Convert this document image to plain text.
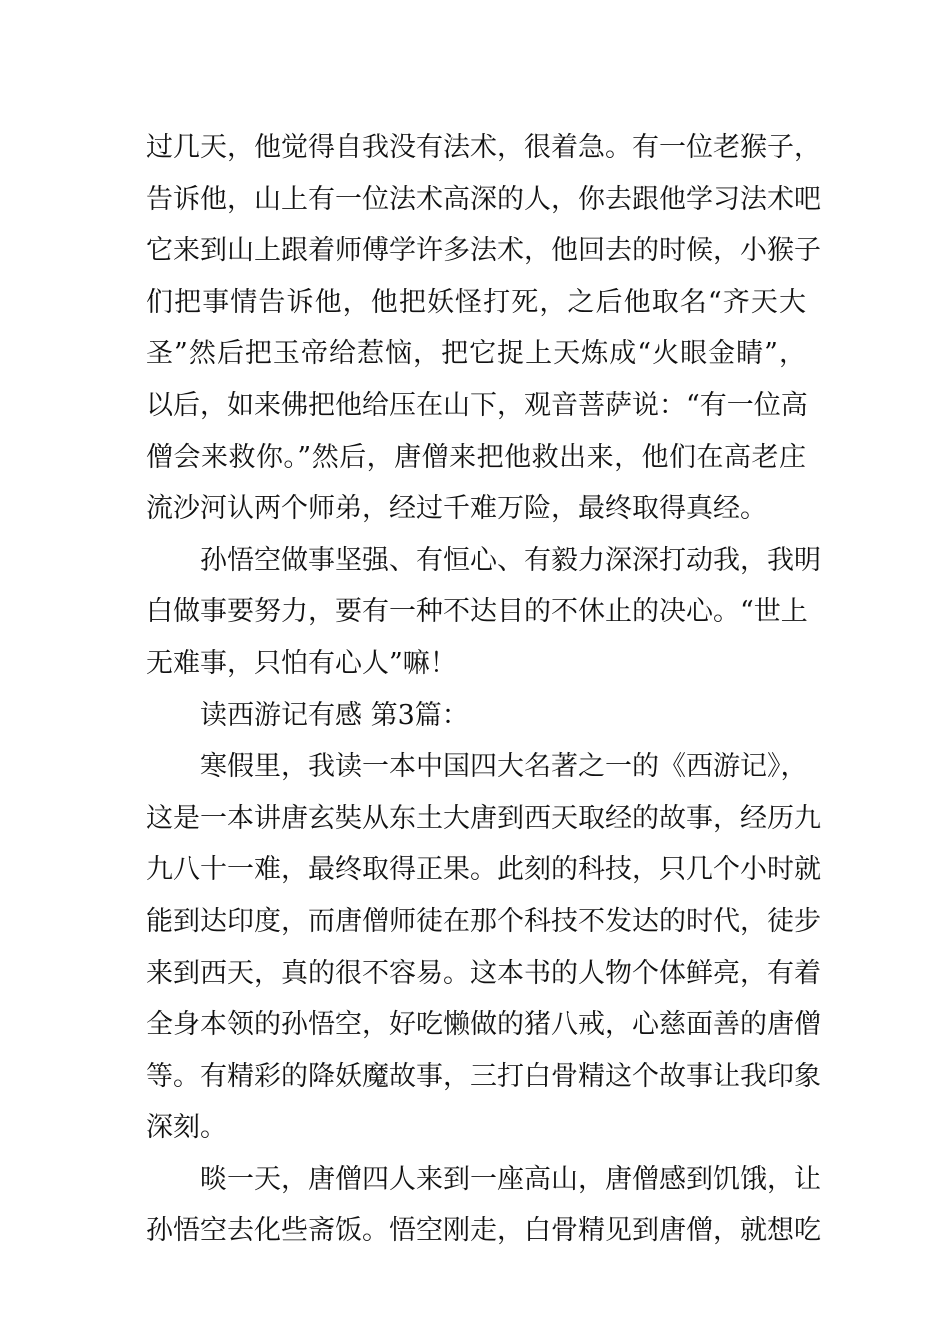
过几天，他觉得自我没有法术，很着急。有一位老猴子，
告诉他，山上有一位法术高深的人，你去跟他学习法术吧
它来到山上跟着师傅学许多法术，他回去的时候，小猴子
们把事情告诉他，他把妖怪打死，之后他取名“齐天大
圣”然后把玉帝给惹恼，把它捉上天炼成“火眼金睛”，
以后，如来佛把他给压在山下，观音菩萨说：“有一位高
僧会来救你。”然后，唐僧来把他救出来，他们在高老庄
流沙河认两个师弟，经过千难万险，最终取得真经。
孙悟空做事坚强、有恒心、有毅力深深打动我，我明
白做事要努力，要有一种不达目的不休止的决心。“世上
无难事，只怕有心人”嘛！
读西游记有感 第3篇：
寒假里，我读一本中国四大名著之一的《西游记》，
这是一本讲唐玄奘从东土大唐到西天取经的故事，经历九
九八十一难，最终取得正果。此刻的科技，只几个小时就
能到达印度，而唐僧师徒在那个科技不发达的时代，徒步
来到西天，真的很不容易。这本书的人物个体鲜亮，有着
全身本领的孙悟空，好吃懒做的猪八戒，心慈面善的唐僧
等。有精彩的降妖魔故事，三打白骨精这个故事让我印象
深刻。
晱一天，唐僧四人来到一座高山，唐僧感到饥饿，让
孙悟空去化些斋饭。悟空刚走，白骨精见到唐僧，就想吃
